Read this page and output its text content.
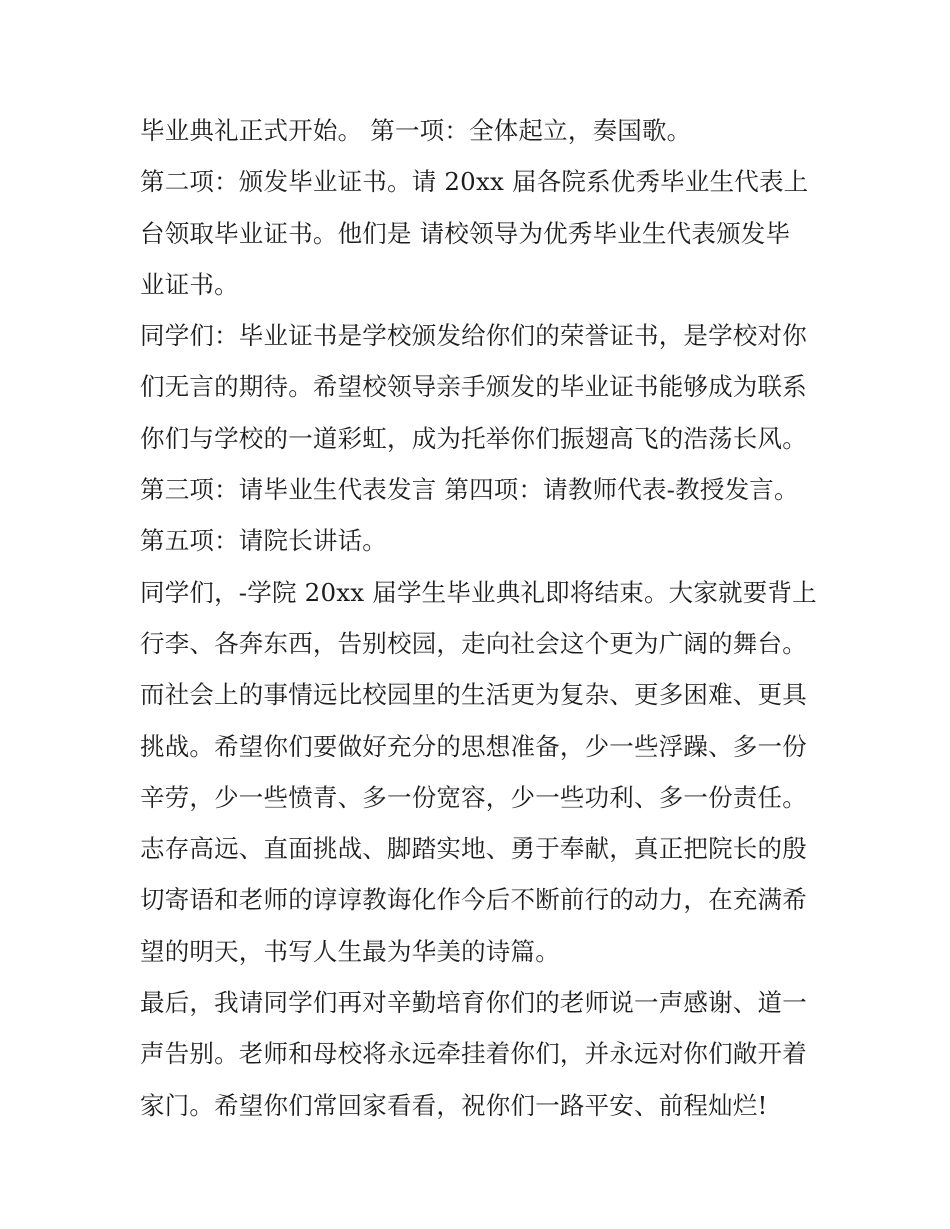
毕业典礼正式开始。 第一项：全体起立，奏国歌。

第二项：颁发毕业证书。请 20xx 届各院系优秀毕业生代表上
台领取毕业证书。他们是 请校领导为优秀毕业生代表颁发毕
业证书。

同学们：毕业证书是学校颁发给你们的荣誉证书，是学校对你
们无言的期待。希望校领导亲手颁发的毕业证书能够成为联系
你们与学校的一道彩虹，成为托举你们振翅高飞的浩荡长风。

第三项：请毕业生代表发言 第四项：请教师代表-教授发言。

第五项：请院长讲话。

同学们，-学院 20xx 届学生毕业典礼即将结束。大家就要背上
行李、各奔东西，告别校园，走向社会这个更为广阔的舞台。
而社会上的事情远比校园里的生活更为复杂、更多困难、更具
挑战。希望你们要做好充分的思想准备，少一些浮躁、多一份
辛劳，少一些愤青、多一份宽容，少一些功利、多一份责任。
志存高远、直面挑战、脚踏实地、勇于奉献，真正把院长的殷
切寄语和老师的谆谆教诲化作今后不断前行的动力，在充满希
望的明天，书写人生最为华美的诗篇。

最后，我请同学们再对辛勤培育你们的老师说一声感谢、道一
声告别。老师和母校将永远牵挂着你们，并永远对你们敞开着
家门。希望你们常回家看看，祝你们一路平安、前程灿烂!
